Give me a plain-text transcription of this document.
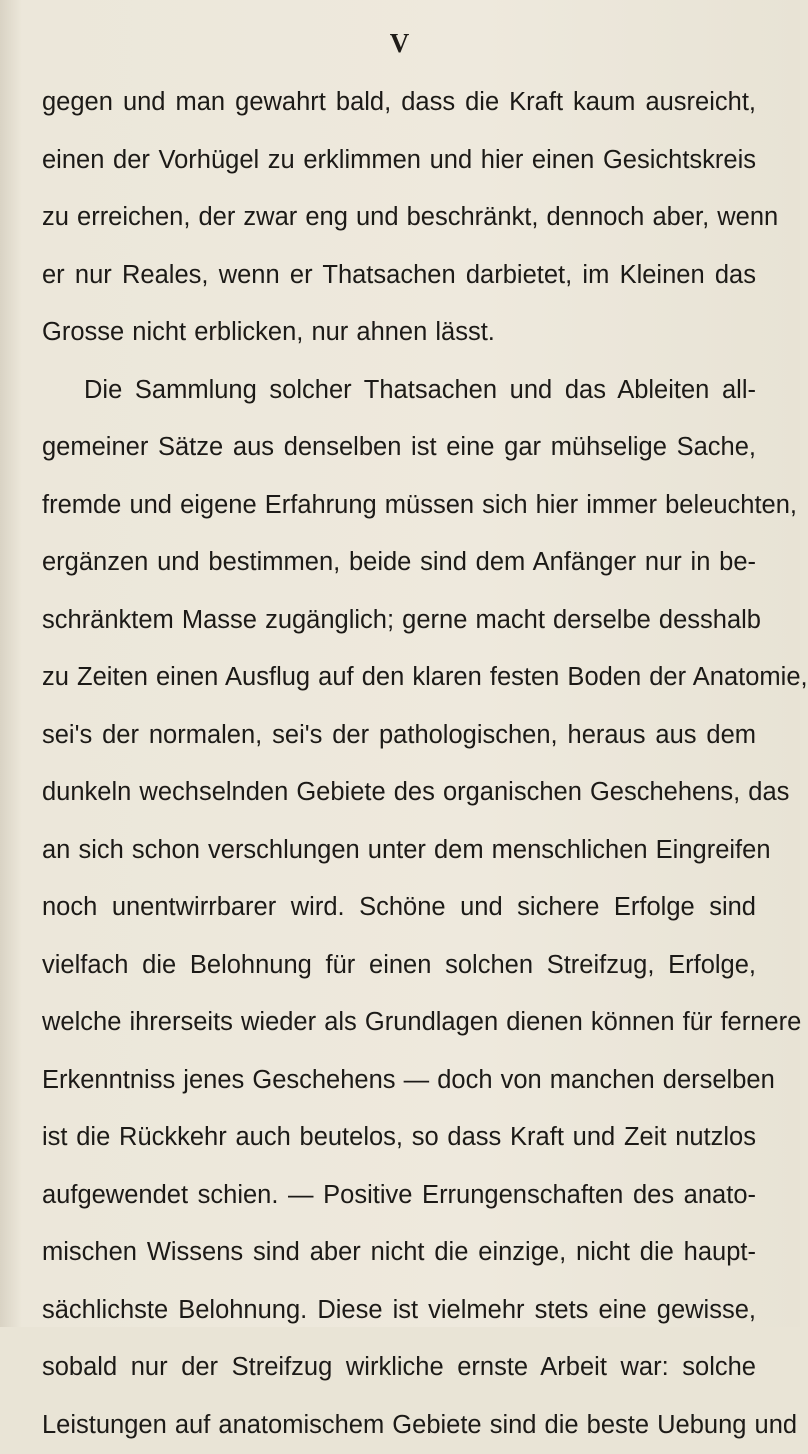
V
gegen und man gewahrt bald, dass die Kraft kaum ausreicht,
einen der Vorhügel zu erklimmen und hier einen Gesichtskreis
zu erreichen, der zwar eng und beschränkt, dennoch aber, wenn
er nur Reales, wenn er Thatsachen darbietet, im Kleinen das
Grosse nicht erblicken, nur ahnen lässt.
Die Sammlung solcher Thatsachen und das Ableiten all-
gemeiner Sätze aus denselben ist eine gar mühselige Sache,
fremde und eigene Erfahrung müssen sich hier immer beleuchten,
ergänzen und bestimmen, beide sind dem Anfänger nur in be-
schränktem Masse zugänglich; gerne macht derselbe desshalb
zu Zeiten einen Ausflug auf den klaren festen Boden der Anatomie,
sei's der normalen, sei's der pathologischen, heraus aus dem
dunkeln wechselnden Gebiete des organischen Geschehens, das
an sich schon verschlungen unter dem menschlichen Eingreifen
noch unentwirrbarer wird. Schöne und sichere Erfolge sind
vielfach die Belohnung für einen solchen Streifzug, Erfolge,
welche ihrerseits wieder als Grundlagen dienen können für fernere
Erkenntniss jenes Geschehens — doch von manchen derselben
ist die Rückkehr auch beutelos, so dass Kraft und Zeit nutzlos
aufgewendet schien. — Positive Errungenschaften des anato-
mischen Wissens sind aber nicht die einzige, nicht die haupt-
sächlichste Belohnung. Diese ist vielmehr stets eine gewisse,
sobald nur der Streifzug wirkliche ernste Arbeit war: solche
Leistungen auf anatomischem Gebiete sind die beste Uebung und
